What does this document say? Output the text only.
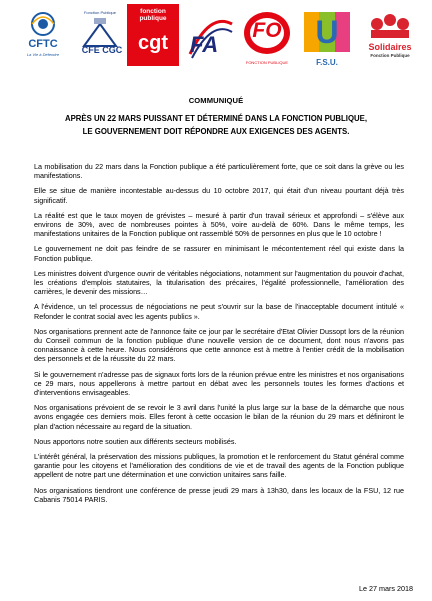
CFTC
La Vie à Défendre
Fonction Publique
CFE CGC
fonction publique
cgt	FA
FO
FONCTION PUBLIQUE
U
F.S.U.
Solidaires
Fonction Publique
COMMUNIQUÉ
APRÈS UN 22 MARS PUISSANT ET DÉTERMINÉ DANS LA FONCTION PUBLIQUE,
LE GOUVERNEMENT DOIT RÉPONDRE AUX EXIGENCES DES AGENTS.

La mobilisation du 22 mars dans la Fonction publique a été particulièrement forte, que ce soit dans la grève ou les manifestations.

Elle se situe de manière incontestable au-dessus du 10 octobre 2017, qui était d'un niveau pourtant déjà très significatif.

La réalité est que le taux moyen de grévistes – mesuré à partir d'un travail sérieux et approfondi – s'élève aux environs de 30%, avec de nombreuses pointes à 50%, voire au-delà de 60%. Dans le même temps, les manifestations unitaires de la Fonction publique ont rassemblé 50% de personnes en plus que le 10 octobre !

Le gouvernement ne doit pas feindre de se rassurer en minimisant le mécontentement réel qui existe dans la Fonction publique.

Les ministres doivent d'urgence ouvrir de véritables négociations, notamment sur l'augmentation du pouvoir d'achat, les créations d'emplois statutaires, la titularisation des précaires, l'égalité professionnelle, l'amélioration des carrières, le devenir des missions…

A l'évidence, un tel processus de négociations ne peut s'ouvrir sur la base de l'inacceptable document intitulé « Refonder le contrat social avec les agents publics ».

Nos organisations prennent acte de l'annonce faite ce jour par le secrétaire d'Etat Olivier Dussopt lors de la réunion du Conseil commun de la fonction publique d'une nouvelle version de ce document, dont nous n'avons pas connaissance à cette heure. Nous considérons que cette annonce est à mettre à l'entier crédit de la mobilisation des personnels et de la réussite du 22 mars.

Si le gouvernement n'adresse pas de signaux forts lors de la réunion prévue entre les ministres et nos organisations ce 29 mars, nous appellerons à mettre partout en débat avec les personnels toutes les formes d'actions et d'interventions envisageables.

Nos organisations prévoient de se revoir le 3 avril dans l'unité la plus large sur la base de la démarche que nous avons engagée ces derniers mois. Elles feront à cette occasion le bilan de la réunion du 29 mars et définiront le plan d'action nécessaire au regard de la situation.

Nous apportons notre soutien aux différents secteurs mobilisés.

L'intérêt général, la préservation des missions publiques, la promotion et le renforcement du Statut général comme garantie pour les citoyens et l'amélioration des conditions de vie et de travail des agents de la Fonction publique appellent de notre part une détermination et une conviction unitaires sans faille.

Nos organisations tiendront une conférence de presse jeudi 29 mars à 13h30, dans les locaux de la FSU, 12 rue Cabanis 75014 PARIS.

Le 27 mars 2018
